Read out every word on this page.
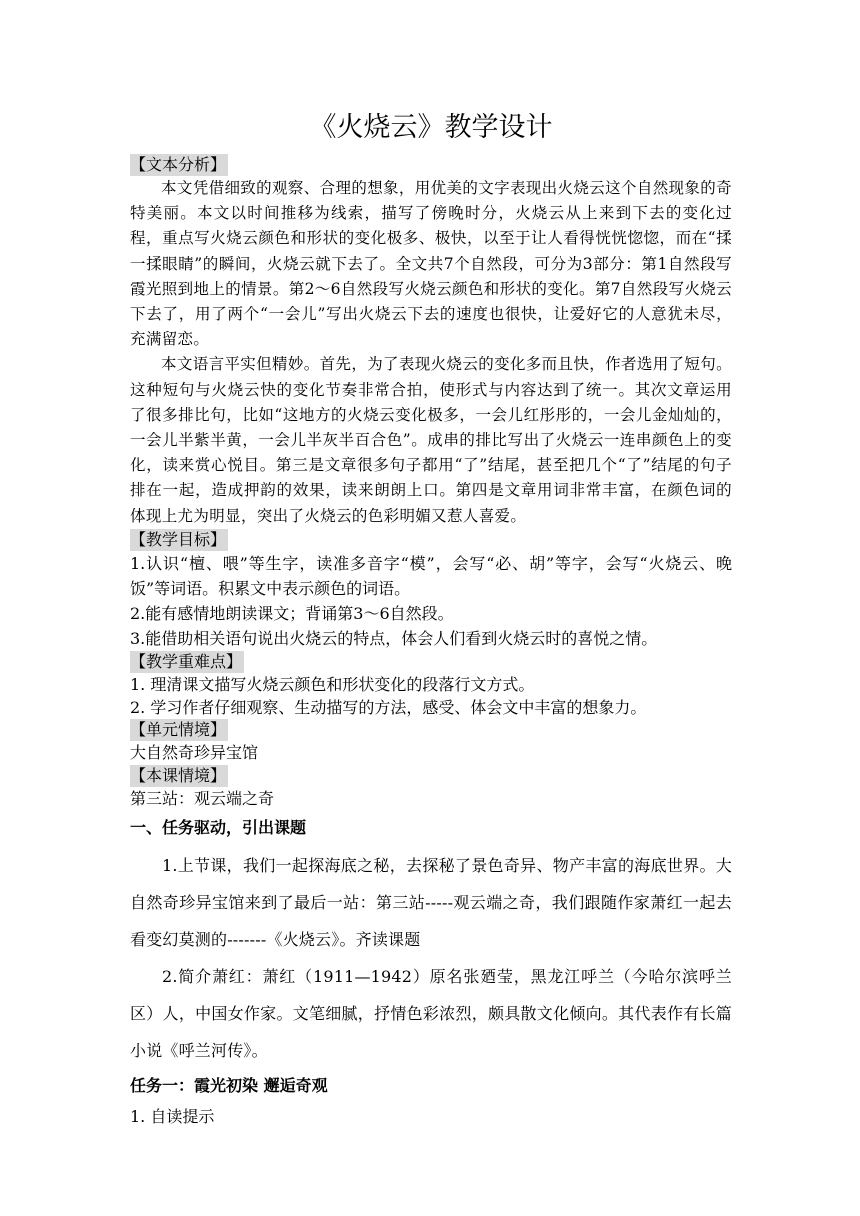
《火烧云》教学设计
【文本分析】

本文凭借细致的观察、合理的想象，用优美的文字表现出火烧云这个自然现象的奇特美丽。本文以时间推移为线索，描写了傍晚时分，火烧云从上来到下去的变化过程，重点写火烧云颜色和形状的变化极多、极快，以至于让人看得恍恍惚惚，而在“揉一揉眼睛”的瞬间，火烧云就下去了。全文共7个自然段，可分为3部分：第1自然段写霞光照到地上的情景。第2～6自然段写火烧云颜色和形状的变化。第7自然段写火烧云下去了，用了两个“一会儿”写出火烧云下去的速度也很快，让爱好它的人意犹未尽，充满留恋。

本文语言平实但精妙。首先，为了表现火烧云的变化多而且快，作者选用了短句。这种短句与火烧云快的变化节奏非常合拍，使形式与内容达到了统一。其次文章运用了很多排比句，比如“这地方的火烧云变化极多，一会儿红彤彤的，一会儿金灿灿的，一会儿半紫半黄，一会儿半灰半百合色”。成串的排比写出了火烧云一连串颜色上的变化，读来赏心悦目。第三是文章很多句子都用“了”结尾，甚至把几个“了”结尾的句子排在一起，造成押韵的效果，读来朗朗上口。第四是文章用词非常丰富，在颜色词的体现上尤为明显，突出了火烧云的色彩明媚又惹人喜爱。

【教学目标】

1.认识“檀、喂”等生字，读准多音字“模”，会写“必、胡”等字，会写“火烧云、晚饭”等词语。积累文中表示颜色的词语。

2.能有感情地朗读课文；背诵第3～6自然段。

3.能借助相关语句说出火烧云的特点，体会人们看到火烧云时的喜悦之情。

【教学重难点】

1. 理清课文描写火烧云颜色和形状变化的段落行文方式。

2. 学习作者仔细观察、生动描写的方法，感受、体会文中丰富的想象力。

【单元情境】

大自然奇珍异宝馆

【本课情境】

第三站：观云端之奇

一、任务驱动，引出课题

1.上节课，我们一起探海底之秘，去探秘了景色奇异、物产丰富的海底世界。大自然奇珍异宝馆来到了最后一站：第三站-----观云端之奇，我们跟随作家萧红一起去看变幻莫测的-------《火烧云》。齐读课题

2.简介萧红：萧红（1911—1942）原名张廼莹，黑龙江呼兰（今哈尔滨呼兰区）人，中国女作家。文笔细腻，抒情色彩浓烈，颇具散文化倾向。其代表作有长篇小说《呼兰河传》。

任务一：霞光初染 邂逅奇观

1. 自读提示
